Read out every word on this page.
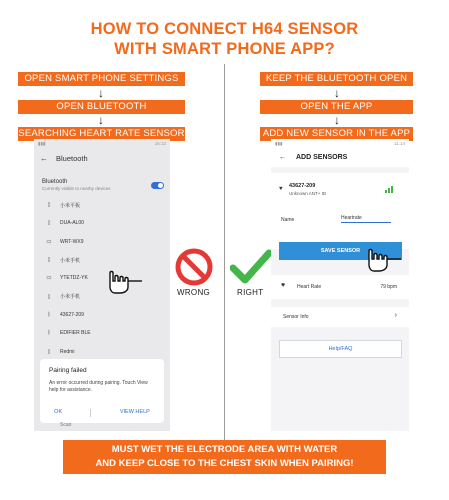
HOW TO CONNECT H64 SENSOR
WITH SMART PHONE APP?
OPEN SMART PHONE SETTINGS
↓
OPEN BLUETOOTH
↓
SEARCHING HEART RATE SENSOR
KEEP THE BLUETOOTH OPEN
↓
OPEN THE APP
↓
ADD NEW SENSOR IN THE APP
▮▮▮	16:12
← Bluetooth
Bluetooth
Currently visible to nearby devices
▯	小米平板
▯	DUA-AL00
▭	WRT-WX9
▯	小米手机
▭	YTETDZ-YK
▯	小米手机
ᛒ	43627-209
ᛒ	EDIFIER BLE
▯	Redmi
Pairing failed
An error occurred during pairing. Touch View help for assistance.
OK	VIEW HELP
Scan
WRONG	RIGHT
▮▮▮	11:14
← ADD SENSORS
♥ 43627-209
Unknown ANT+ ID
Name	Heartrate
SAVE SENSOR
♥ Heart Rate	79 bpm
Sensor Info	›
Help/FAQ
MUST WET THE ELECTRODE AREA WITH WATER
AND KEEP CLOSE TO THE CHEST SKIN WHEN PAIRING!
